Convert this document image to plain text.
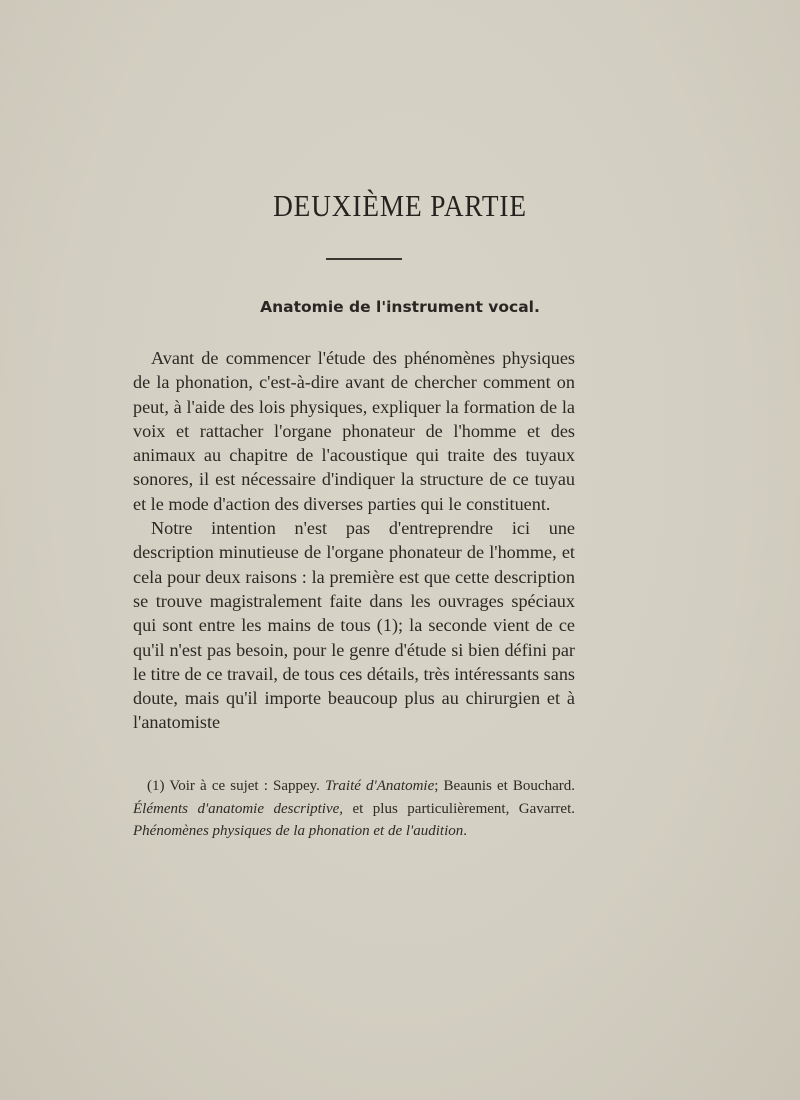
DEUXIÈME PARTIE
Anatomie de l'instrument vocal.

Avant de commencer l'étude des phénomènes physiques de la phonation, c'est-à-dire avant de chercher comment on peut, à l'aide des lois physiques, expliquer la formation de la voix et rattacher l'organe phonateur de l'homme et des animaux au chapitre de l'acoustique qui traite des tuyaux sonores, il est nécessaire d'indiquer la structure de ce tuyau et le mode d'action des diverses parties qui le constituent.

Notre intention n'est pas d'entreprendre ici une description minutieuse de l'organe phonateur de l'homme, et cela pour deux raisons : la première est que cette description se trouve magistralement faite dans les ouvrages spéciaux qui sont entre les mains de tous (1); la seconde vient de ce qu'il n'est pas besoin, pour le genre d'étude si bien défini par le titre de ce travail, de tous ces détails, très intéressants sans doute, mais qu'il importe beaucoup plus au chirurgien et à l'anatomiste

(1) Voir à ce sujet : Sappey. Traité d'Anatomie; Beaunis et Bouchard. Éléments d'anatomie descriptive, et plus particulièrement, Gavarret. Phénomènes physiques de la phonation et de l'audition.
